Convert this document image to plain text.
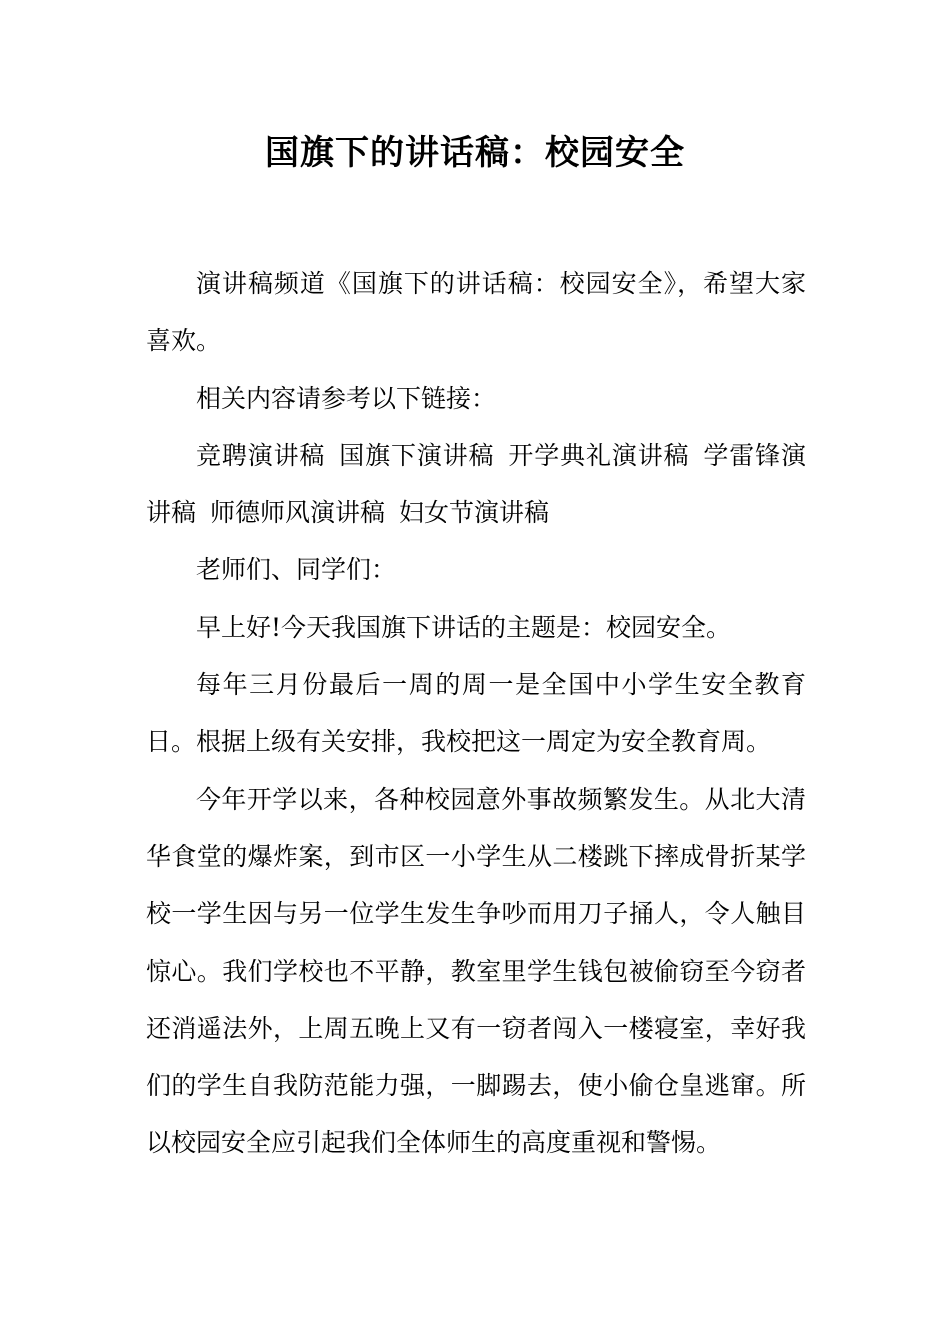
国旗下的讲话稿：校园安全

演讲稿频道《国旗下的讲话稿：校园安全》，希望大家喜欢。

相关内容请参考以下链接：

竞聘演讲稿 国旗下演讲稿 开学典礼演讲稿 学雷锋演讲稿 师德师风演讲稿 妇女节演讲稿

老师们、同学们：

早上好!今天我国旗下讲话的主题是：校园安全。

每年三月份最后一周的周一是全国中小学生安全教育日。根据上级有关安排，我校把这一周定为安全教育周。

今年开学以来，各种校园意外事故频繁发生。从北大清华食堂的爆炸案，到市区一小学生从二楼跳下摔成骨折某学校一学生因与另一位学生发生争吵而用刀子捅人，令人触目惊心。我们学校也不平静，教室里学生钱包被偷窃至今窃者还消遥法外，上周五晚上又有一窃者闯入一楼寝室，幸好我们的学生自我防范能力强，一脚踢去，使小偷仓皇逃窜。所以校园安全应引起我们全体师生的高度重视和警惕。
